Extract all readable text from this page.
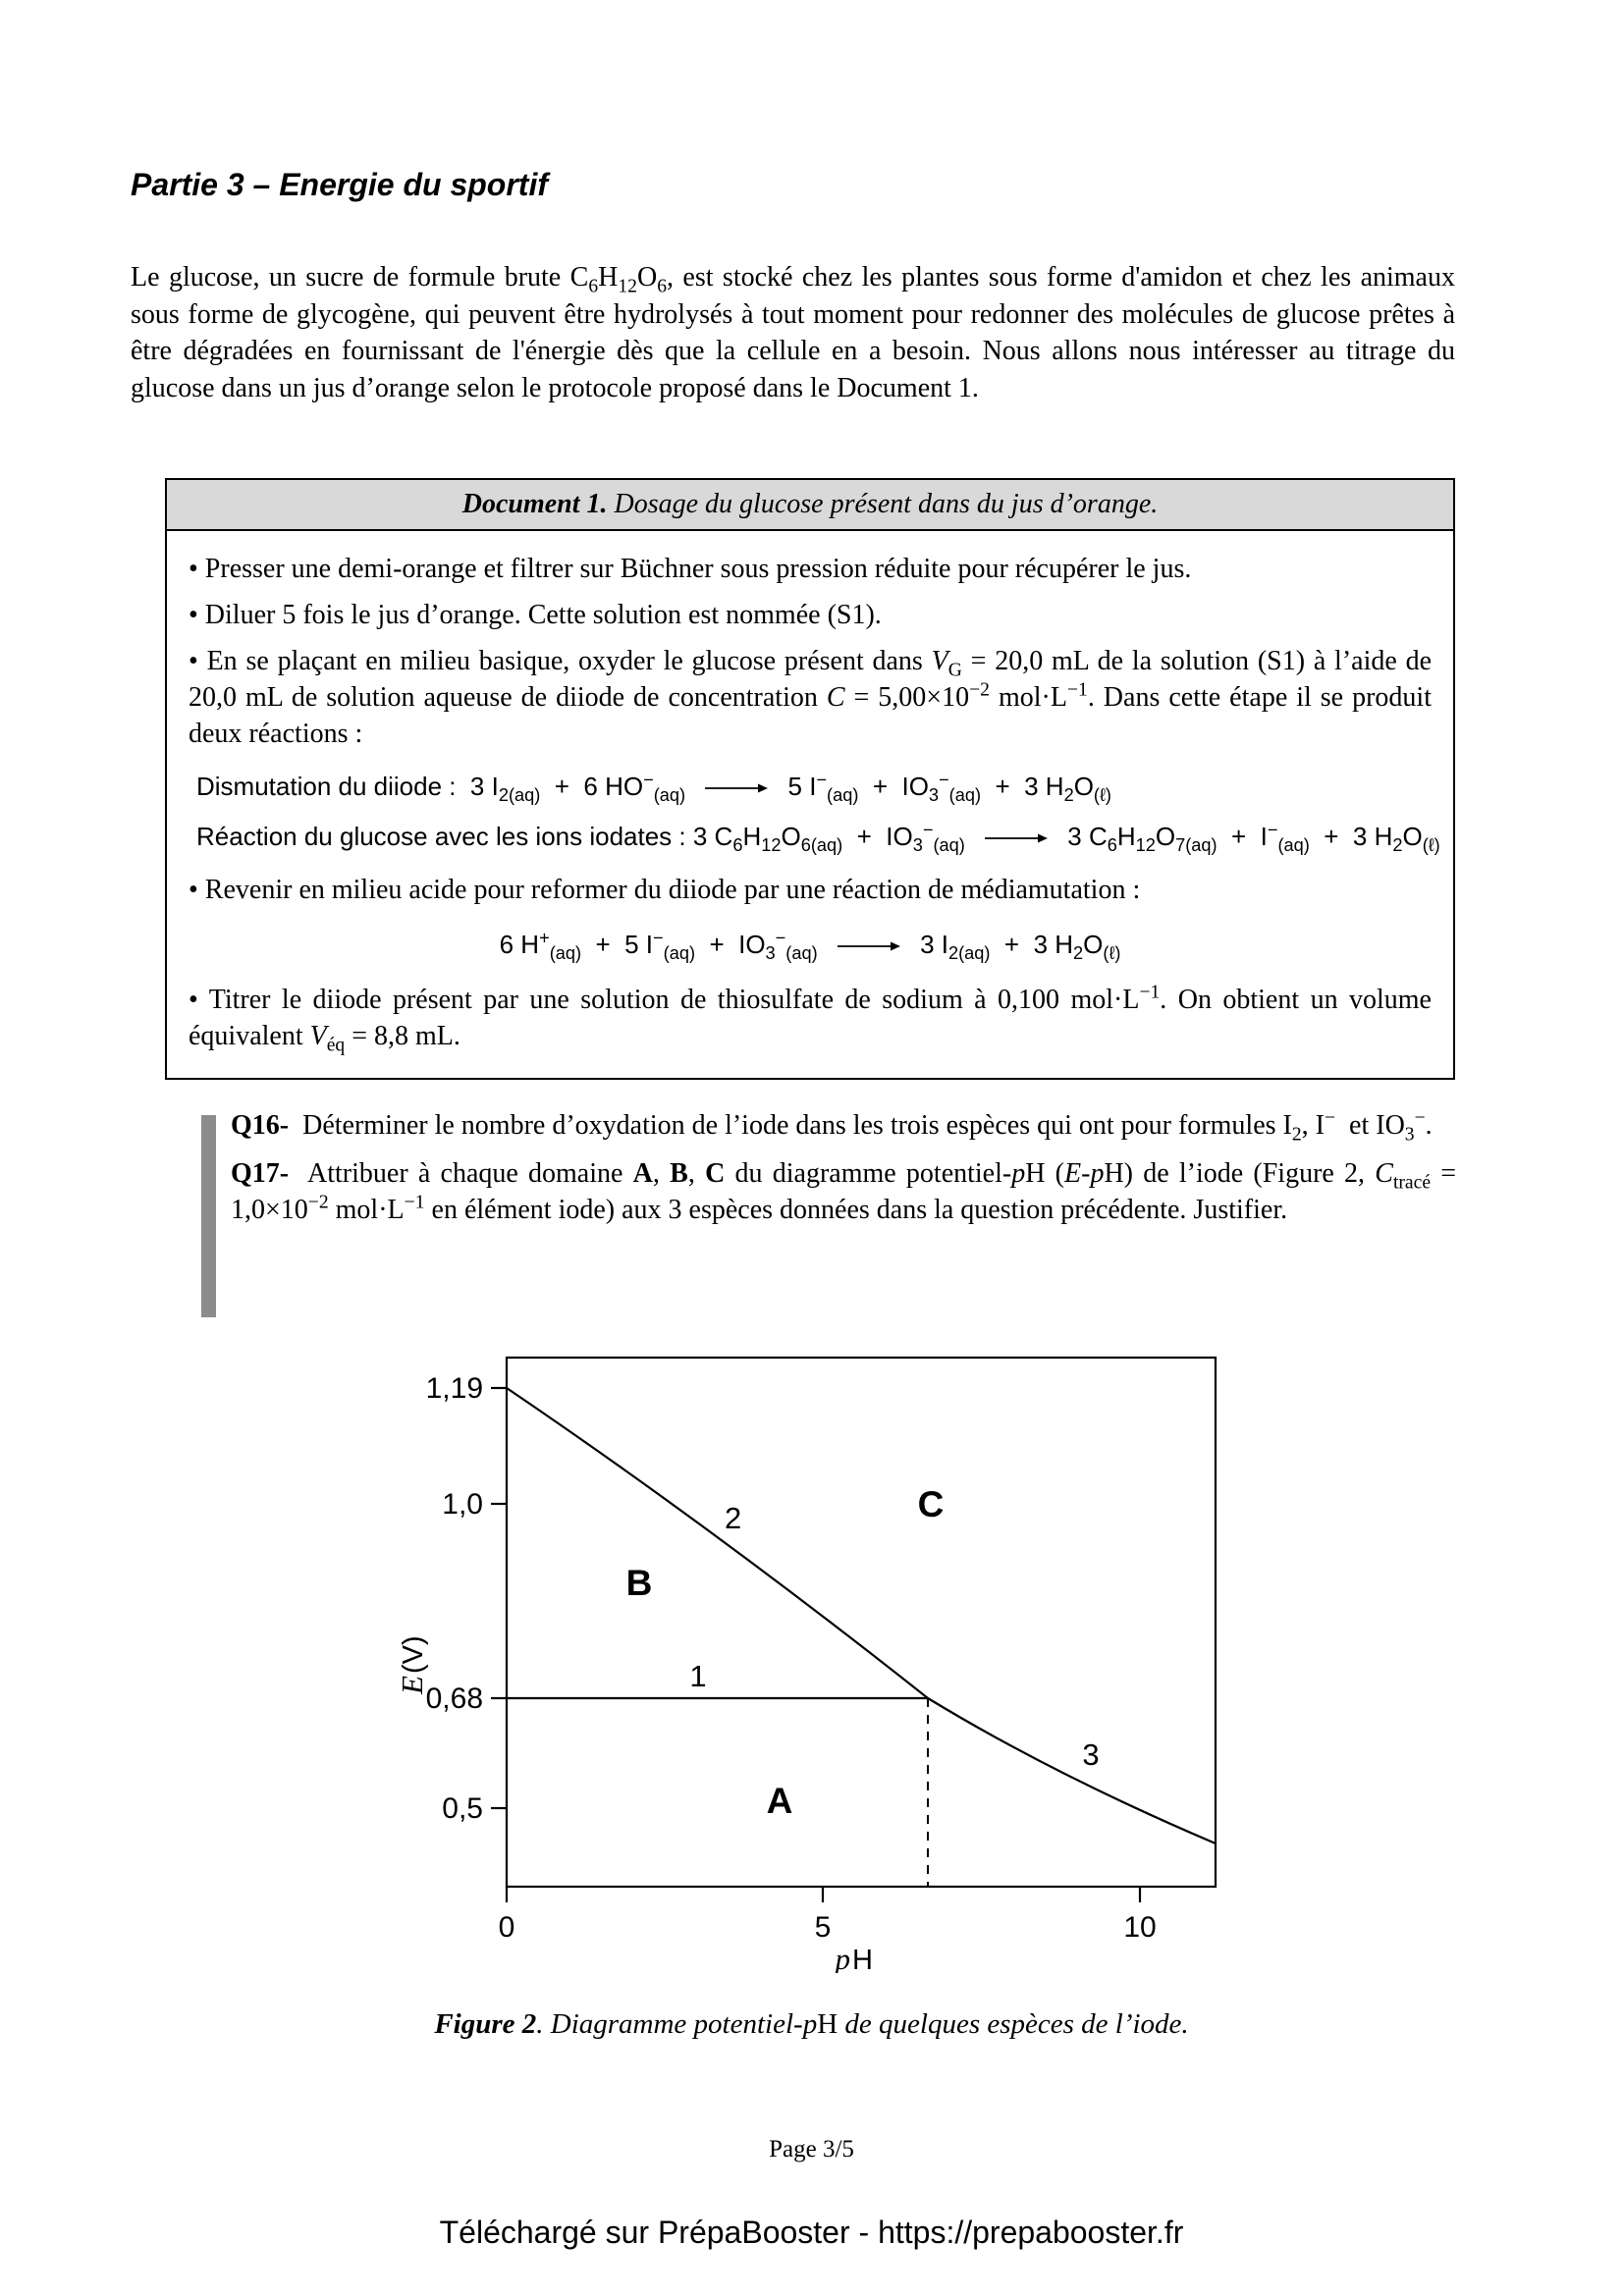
Partie 3 – Energie du sportif

Le glucose, un sucre de formule brute $C_6H_{12}O_6$, est stocké chez les plantes sous forme d'amidon et chez les animaux sous forme de glycogène, qui peuvent être hydrolysés à tout moment pour redonner des molécules de glucose prêtes à être dégradées en fournissant de l'énergie dès que la cellule en a besoin. Nous allons nous intéresser au titrage du glucose dans un jus d’orange selon le protocole proposé dans le Document 1.

Document 1. Dosage du glucose présent dans du jus d’orange.

• Presser une demi-orange et filtrer sur Büchner sous pression réduite pour récupérer le jus.

• Diluer 5 fois le jus d’orange. Cette solution est nommée (S1).

• En se plaçant en milieu basique, oxyder le glucose présent dans $V_G = 20,0$ mL de la solution (S1) à l’aide de 20,0 mL de solution aqueuse de diiode de concentration $C = 5,00\times 10^{-2}$ $mol\cdot L^{-1}$. Dans cette étape il se produit deux réactions :

Dismutation du diiode :  3 $I_{2(aq)} + 6$ $HO^-_{(aq)}$	5 $I^-_{(aq)} + IO_3^-_{(aq)} + 3$ $H_2O_{(\ell)}$

Réaction du glucose avec les ions iodates : 3 $C_6H_{12}O_{6(aq)} + IO_3^-_{(aq)}$	3 $C_6H_{12}O_{7(aq)} + I^-_{(aq)} + 3$ $H_2O_{(\ell)}$

• Revenir en milieu acide pour reformer du diiode par une réaction de médiamutation :

6 $H^+_{(aq)} + 5$ $I^-_{(aq)} + IO_3^-_{(aq)}$	3 $I_{2(aq)} + 3$ $H_2O_{(\ell)}$

• Titrer le diiode présent par une solution de thiosulfate de sodium à 0,100 $mol\cdot L^{-1}$. On obtient un volume équivalent $V_{éq} = 8,8$ mL.

Q16-  Déterminer le nombre d’oxydation de l’iode dans les trois espèces qui ont pour formules $I_2$, I−  et $IO_3^-$.

Q17-  Attribuer à chaque domaine A, B, C du diagramme potentiel-pH (E-pH) de l’iode (Figure 2, $C_{tracé} = 1,0\times 10^{-2}$ $mol\cdot L^{-1}$ en élément iode) aux 3 espèces données dans la question précédente. Justifier.

1,19
1,0
0,68
0,5
0	5	10
E
(V)
p H
A
B
C
1
2
3
Figure 2. Diagramme potentiel-pH de quelques espèces de l’iode.
Page 3/5
Téléchargé sur PrépaBooster - https://prepabooster.fr
